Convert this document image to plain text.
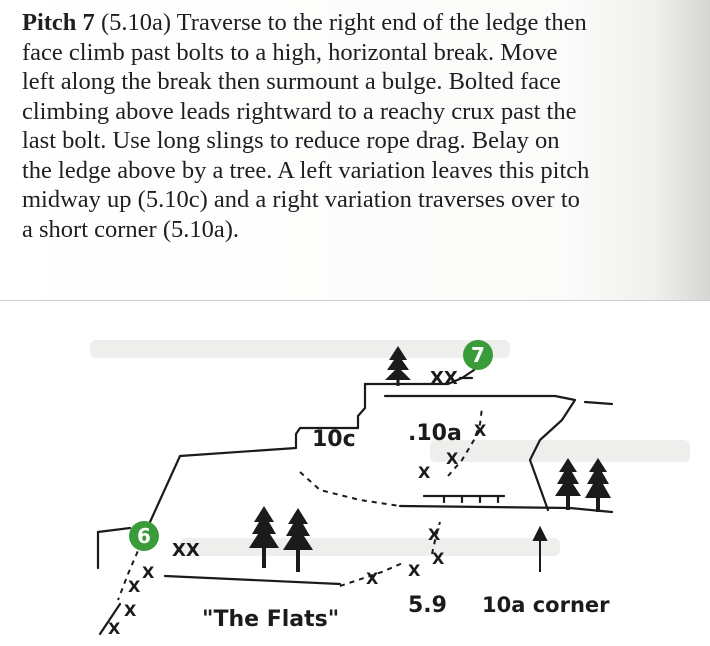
Pitch 7 (5.10a) Traverse to the right end of the ledge then
face climb past bolts to a high, horizontal break. Move
left along the break then surmount a bulge. Bolted face
climbing above leads rightward to a reachy crux past the
last bolt. Use long slings to reduce rope drag. Belay on
the ledge above by a tree. A left variation leaves this pitch
midway up (5.10c) and a right variation traverses over to
a short corner (5.10a).

X
X
X
X
X
X
X
X
X
X
X
7
6
XX
XX
10c .10a
5.9 10a corner
"The Flats"
